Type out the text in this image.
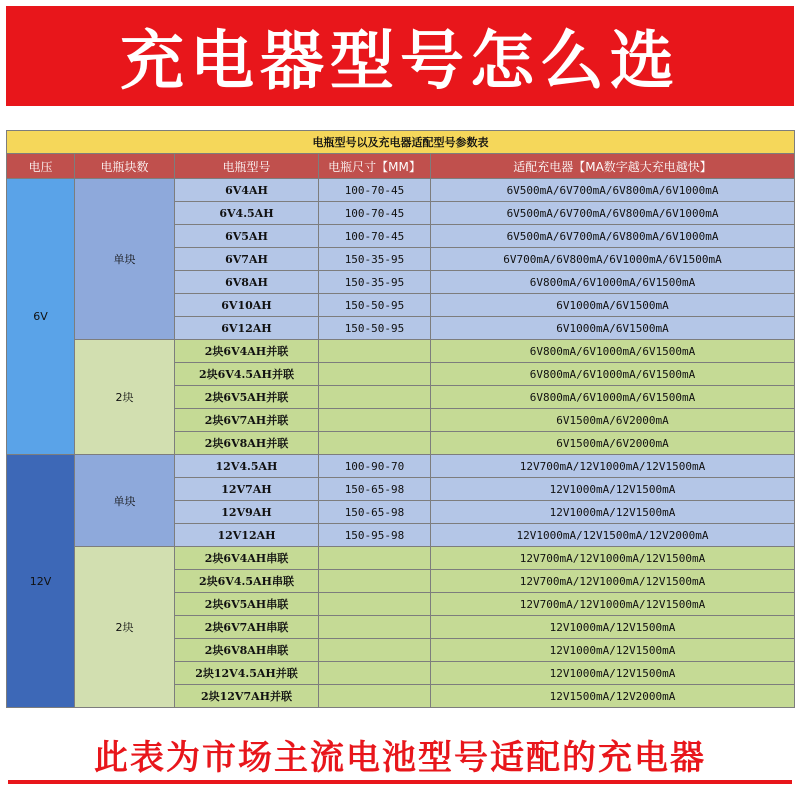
充电器型号怎么选
电瓶型号以及充电器适配型号参数表				
电压	电瓶块数	电瓶型号	电瓶尺寸【MM】	适配充电器【MA数字越大充电越快】
6V	单块	6V4AH	100-70-45	6V500mA/6V700mA/6V800mA/6V1000mA
		6V4.5AH	100-70-45	6V500mA/6V700mA/6V800mA/6V1000mA
		6V5AH	100-70-45	6V500mA/6V700mA/6V800mA/6V1000mA
		6V7AH	150-35-95	6V700mA/6V800mA/6V1000mA/6V1500mA
		6V8AH	150-35-95	6V800mA/6V1000mA/6V1500mA
		6V10AH	150-50-95	6V1000mA/6V1500mA
		6V12AH	150-50-95	6V1000mA/6V1500mA
	2块	2块6V4AH并联		6V800mA/6V1000mA/6V1500mA
		2块6V4.5AH并联		6V800mA/6V1000mA/6V1500mA
		2块6V5AH并联		6V800mA/6V1000mA/6V1500mA
		2块6V7AH并联		6V1500mA/6V2000mA
		2块6V8AH并联		6V1500mA/6V2000mA
12V	单块	12V4.5AH	100-90-70	12V700mA/12V1000mA/12V1500mA
		12V7AH	150-65-98	12V1000mA/12V1500mA
		12V9AH	150-65-98	12V1000mA/12V1500mA
		12V12AH	150-95-98	12V1000mA/12V1500mA/12V2000mA
	2块	2块6V4AH串联		12V700mA/12V1000mA/12V1500mA
		2块6V4.5AH串联		12V700mA/12V1000mA/12V1500mA
		2块6V5AH串联		12V700mA/12V1000mA/12V1500mA
		2块6V7AH串联		12V1000mA/12V1500mA
		2块6V8AH串联		12V1000mA/12V1500mA
		2块12V4.5AH并联		12V1000mA/12V1500mA
		2块12V7AH并联		12V1500mA/12V2000mA
此表为市场主流电池型号适配的充电器
